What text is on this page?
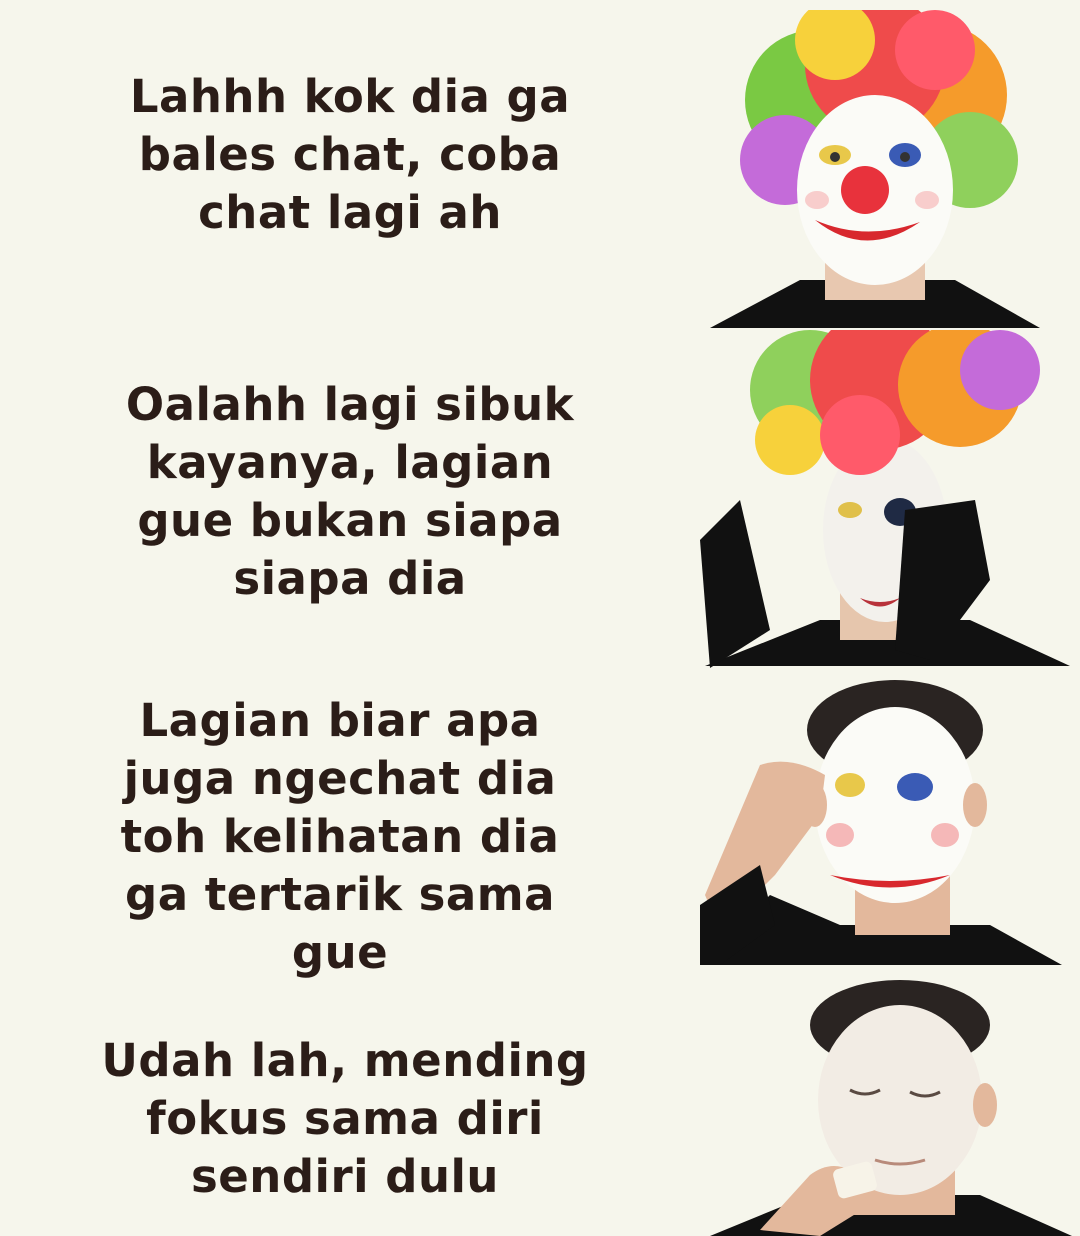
Lahhh kok dia ga
bales chat, coba
chat lagi ah
Oalahh lagi sibuk
kayanya, lagian
gue bukan siapa
siapa dia
Lagian biar apa
juga ngechat dia
toh kelihatan dia
ga tertarik sama
gue
Udah lah, mending
fokus sama diri
sendiri dulu
